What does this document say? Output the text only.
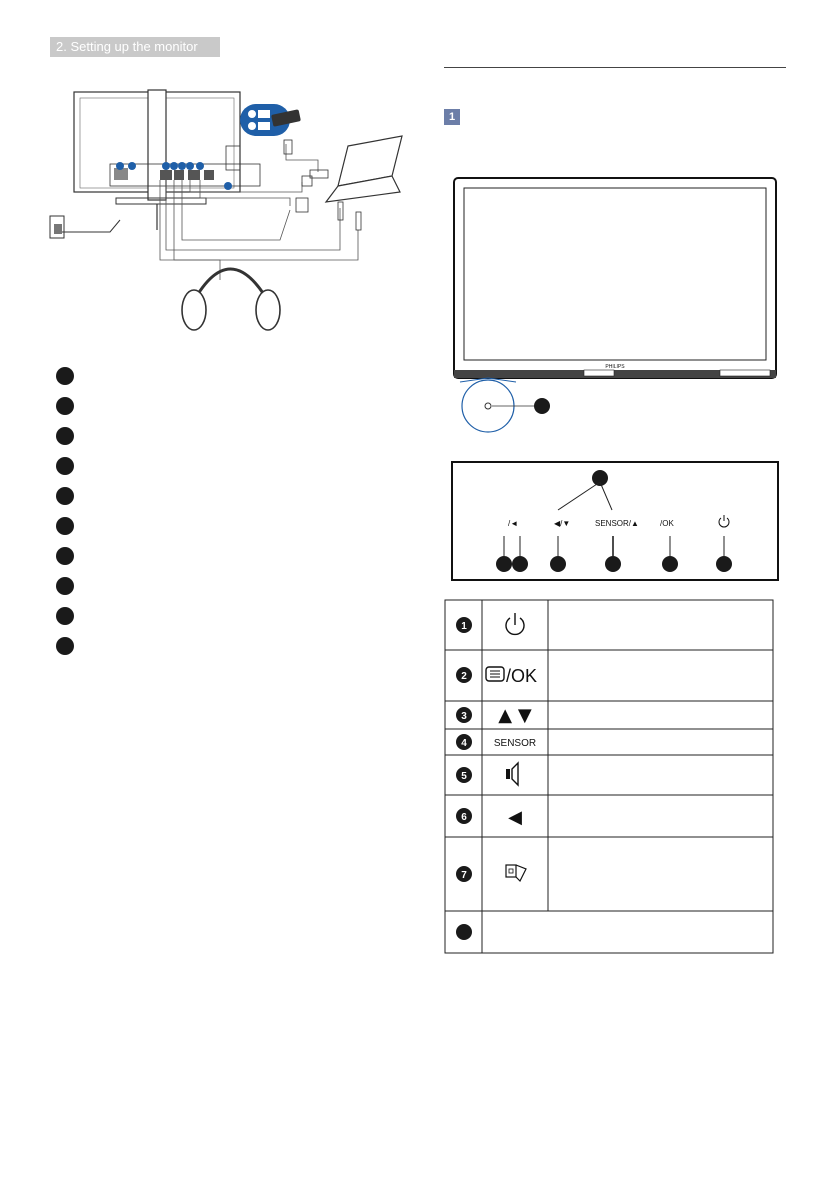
2. Setting up the monitor
1
PHILIPS
/◄	◀/▼	SENSOR/▲	/OK
1
2 /OK
3 ▲ ▼
4	SENSOR
5
6 ◀
7
